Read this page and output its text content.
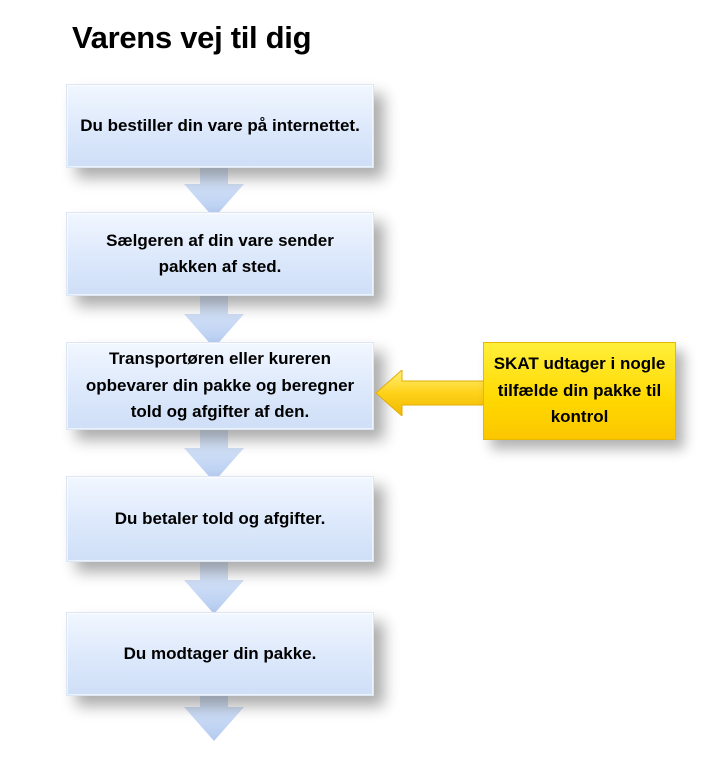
Varens vej til dig
Du bestiller din vare på internettet.
Sælgeren af din vare sender pakken af sted.
Transportøren eller kureren opbevarer din pakke og beregner told og afgifter af den.
Du betaler told og afgifter.
Du modtager din pakke.
SKAT udtager i nogle tilfælde din pakke til kontrol
